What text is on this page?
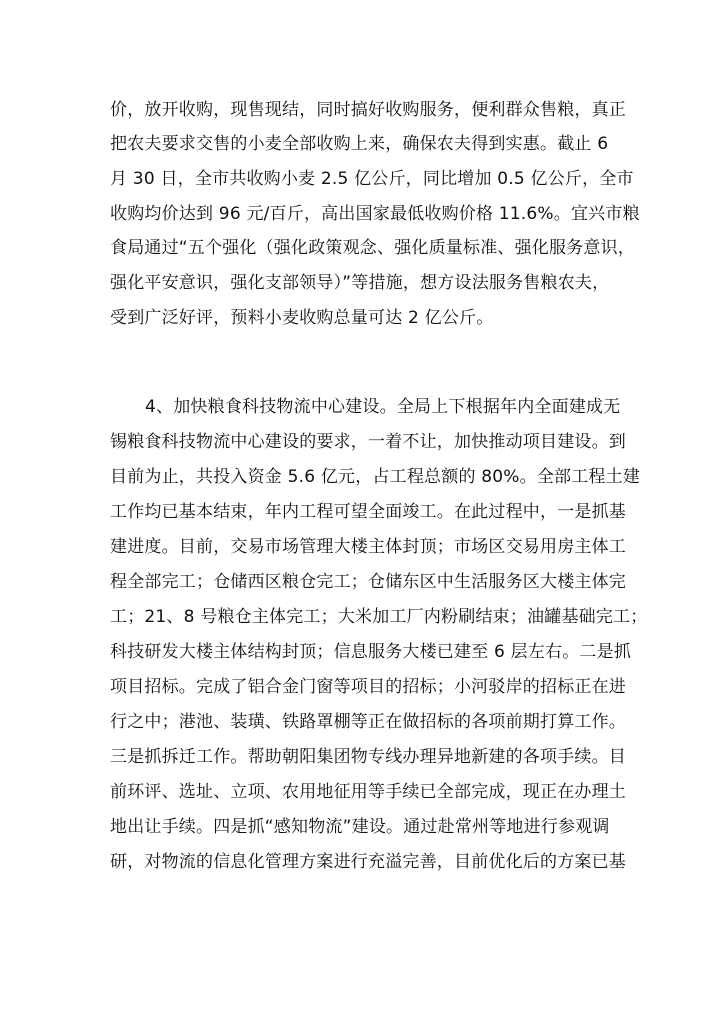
价，放开收购，现售现结，同时搞好收购服务，便利群众售粮，真正
把农夫要求交售的小麦全部收购上来，确保农夫得到实惠。截止 6
月 30 日，全市共收购小麦 2.5 亿公斤，同比增加 0.5 亿公斤，全市
收购均价达到 96 元/百斤，高出国家最低收购价格 11.6%。宜兴市粮
食局通过“五个强化（强化政策观念、强化质量标准、强化服务意识，
强化平安意识，强化支部领导）”等措施，想方设法服务售粮农夫，
受到广泛好评，预料小麦收购总量可达 2 亿公斤。
4、加快粮食科技物流中心建设。全局上下根据年内全面建成无
锡粮食科技物流中心建设的要求，一着不让，加快推动项目建设。到
目前为止，共投入资金 5.6 亿元，占工程总额的 80%。全部工程土建
工作均已基本结束，年内工程可望全面竣工。在此过程中，一是抓基
建进度。目前，交易市场管理大楼主体封顶；市场区交易用房主体工
程全部完工；仓储西区粮仓完工；仓储东区中生活服务区大楼主体完
工；21、8 号粮仓主体完工；大米加工厂内粉刷结束；油罐基础完工；
科技研发大楼主体结构封顶；信息服务大楼已建至 6 层左右。二是抓
项目招标。完成了铝合金门窗等项目的招标；小河驳岸的招标正在进
行之中；港池、装璜、铁路罩棚等正在做招标的各项前期打算工作。
三是抓拆迁工作。帮助朝阳集团物专线办理异地新建的各项手续。目
前环评、选址、立项、农用地征用等手续已全部完成，现正在办理土
地出让手续。四是抓“感知物流”建设。通过赴常州等地进行参观调
研，对物流的信息化管理方案进行充溢完善，目前优化后的方案已基
